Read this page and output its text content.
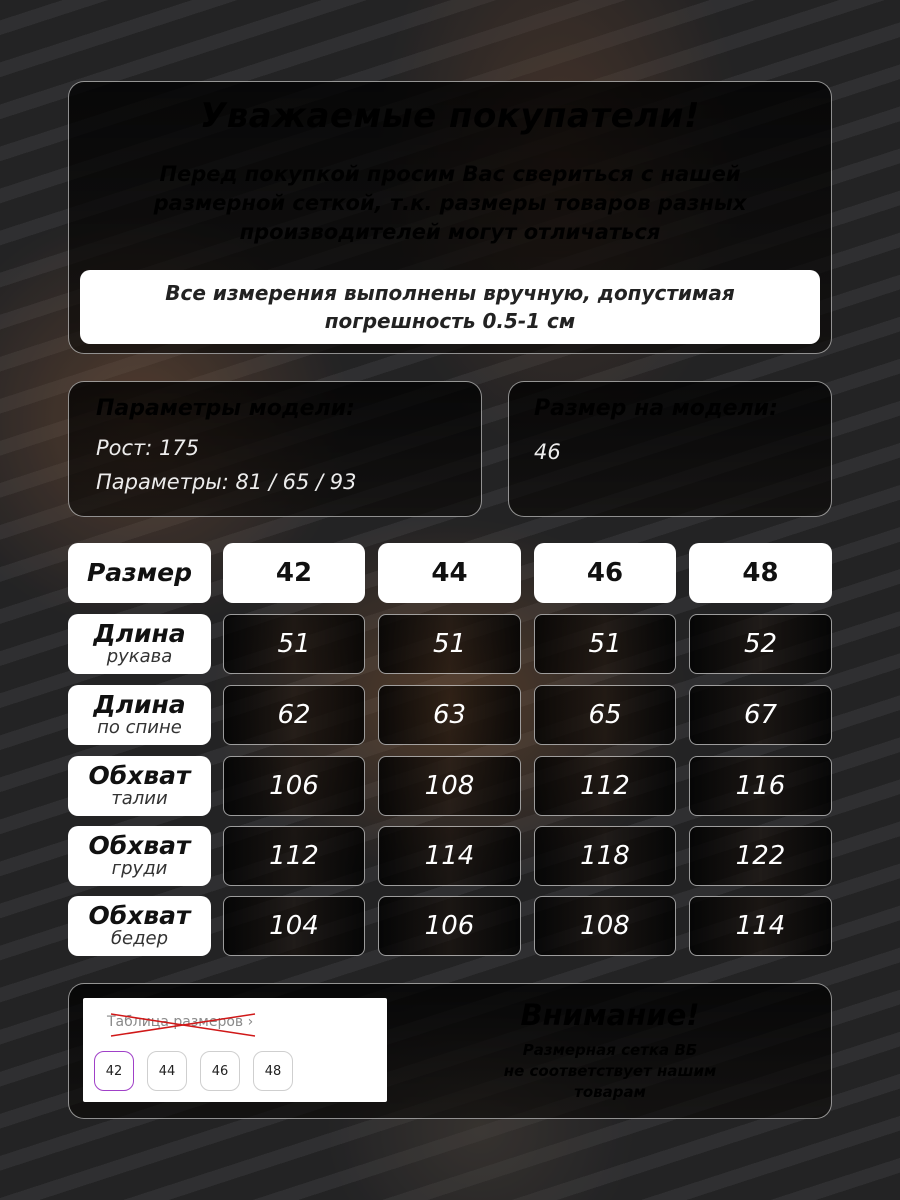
Уважаемые покупатели!
Перед покупкой просим Вас свериться с нашей
размерной сеткой, т.к. размеры товаров разных
производителей могут отличаться
Все измерения выполнены вручную, допустимая
погрешность 0.5-1 см
Параметры модели:
Рост: 175
Параметры: 81 / 65 / 93
Размер на модели:
46
Размер	42	44	46	48
Длина
рукава	51	51	51	52
Длина
по спине	62	63	65	67
Обхват
талии	106	108	112	116
Обхват
груди	112	114	118	122
Обхват
бедер	104	106	108	114
Таблица размеров ›
42	44	46	48
Внимание!
Размерная сетка ВБ
не соответствует нашим
товарам
